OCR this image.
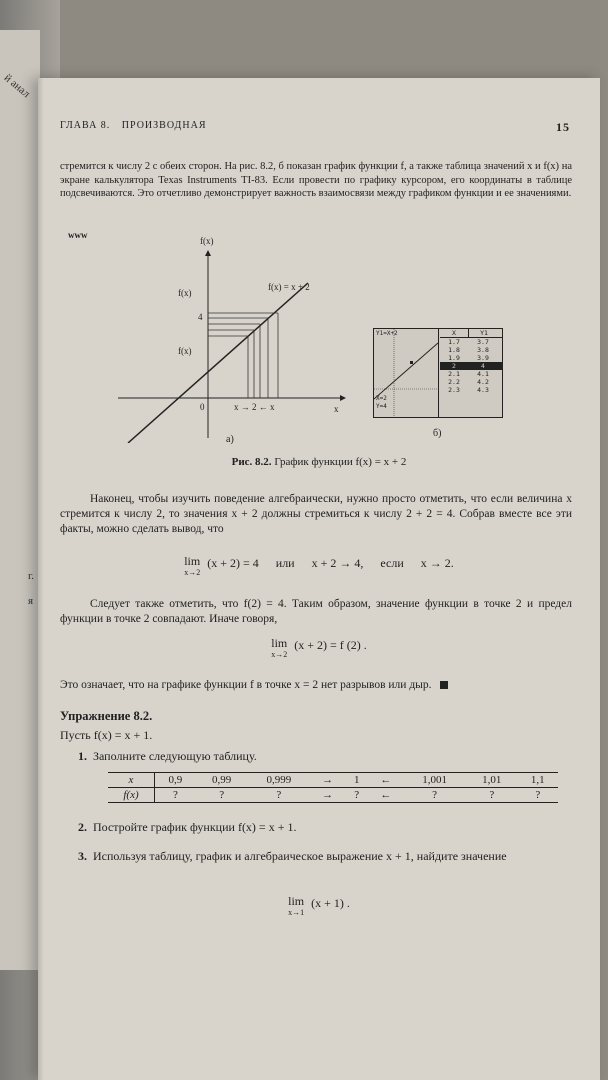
й анал
г.
я
ГЛАВА 8. ПРОИЗВОДНАЯ	15
стремится к числу 2 с обеих сторон. На рис. 8.2, б показан график функции f, а также таблица значений x и f(x) на экране калькулятора Texas Instruments TI-83. Если провести по графику курсором, его координаты в таблице подсвечиваются. Это отчетливо демонстрирует важность взаимосвязи между графиком функции и ее значениями.
www
f(x)
f(x) = x + 2
f(x)
4
f(x)
x
0	x → 2 ← x
а)
Y1=X+2
X=2
Y=4
X	Y1
1.7	3.7
1.8	3.8
1.9	3.9
2	4
2.1	4.1
2.2	4.2
2.3	4.3
б)
Рис. 8.2. График функции f(x) = x + 2
Наконец, чтобы изучить поведение алгебраически, нужно просто отметить, что если величина x стремится к числу 2, то значения x + 2 должны стремиться к числу 2 + 2 = 4. Собрав вместе все эти факты, можно сделать вывод, что
lim
x→2
(x + 2) = 4 или x + 2 → 4, если x → 2.
Следует также отметить, что f(2) = 4. Таким образом, значение функции в точке 2 и предел функции в точке 2 совпадают. Иначе говоря,
lim
x→2
(x + 2) = f (2) .
Это означает, что на графике функции f в точке x = 2 нет разрывов или дыр.
Упражнение 8.2.
Пусть f(x) = x + 1.
1. Заполните следующую таблицу.
x	0,9	0,99	0,999	→	1	←	1,001	1,01	1,1
f(x)	?	?	?	→	?	←	?	?	?
2. Постройте график функции f(x) = x + 1.
3. Используя таблицу, график и алгебраическое выражение x + 1, найдите значение
lim
x→1
(x + 1) .
